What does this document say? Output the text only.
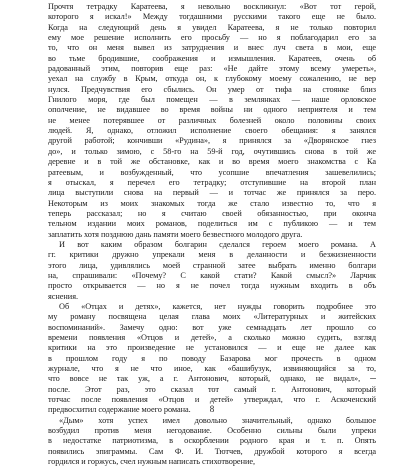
Прочтя тетрадку Каратеева, я невольно воскликнул: «Вот тот герой,
которого я искал!» Между тогдашними русскими такого еще не было.
Когда на следующий день я увидел Каратеева, я не только повторил
ему мое решение исполнить его просьбу — но я поблагодарил его за
то, что он меня вывел из затруднения и внес луч света в мои, еще
во тьме бродившие, соображения и измышления. Каратеев, очень об
радованный этим, повторив еще раз: «Не дайте этому всему умереть»,
уехал на службу в Крым, откуда он, к глубокому моему сожалению, не вер
нулся. Предчувствия его сбылись. Он умер от тифа на стоянке близ
Гнилого моря, где был помещен — в землянках — наше орловское
ополчение, не видавшее во время войны ни одного неприятеля и тем
не менее потерявшее от различных болезней около половины своих
людей. Я, однако, отложил исполнение своего обещания: я занялся
другой работой; кончивши «Рудина», я принялся за «Дворянское гнез
до», и только зимою, с 58-го на 59-й год, очутившись снова в той же
деревне и в той же обстановке, как и во время моего знакомства с Ка
ратеевым, и возбужденный, что усопшие впечатления зашевелились;
я отыскал, я перечел его тетрадку; отступившие на второй план
лица выступили снова на первый — и тотчас же принялся за перо.
Некоторым из моих знакомых тогда же стало известно то, что я
теперь рассказал; но я считаю своей обязанностью, при оконча
тельном издании моих романов, поделиться им с публикою — и тем
заплатить хотя позднюю дань памяти моего безвестного молодого друга.
И вот каким образом болгарин сделался героем моего романа. А
гг. критики дружно упрекали меня в деланности и безжизненности
этого лица, удивлялись моей странной затее выбрать именно болгари
на, спрашивали: «Почему? С какой стати? Какой смысл?» Ларчик
просто открывается — но я не почел тогда нужным входить в объ
яснения.
Об «Отцах и детях», кажется, нет нужды говорить подробнее это
му роману посвящена целая глава моих «Литературных и житейских
воспоминаний». Замечу одно: вот уже семнадцать лет прошло со
времени появления «Отцов и детей», а сколько можно судить, взгляд
критики на это произведение не установился — и еще не далее как
в прошлом году я по поводу Базарова мог прочесть в одном
журнале, что я не что иное, как «башибузук, извиняющийся за то,
что вовсе не так уж, а г. Антонович, который, однако, не видал», ─
после. Этот раз, это сказал тот самый г. Антонович, который
тотчас после появления «Отцов и детей» утверждал, что г. Аскоченский
предвосхитил содержание моего романа.
«Дым» хотя успех имел довольно значительный, однако большое
возбудил против меня негодование. Особенно сильны были упреки
в недостатке патриотизма, в оскорблении родного края и т. п. Опять
появились эпиграммы. Сам Ф. И. Тютчев, дружбой которого я всегда
гордился и горжусь, счел нужным написать стихотворение,
8
